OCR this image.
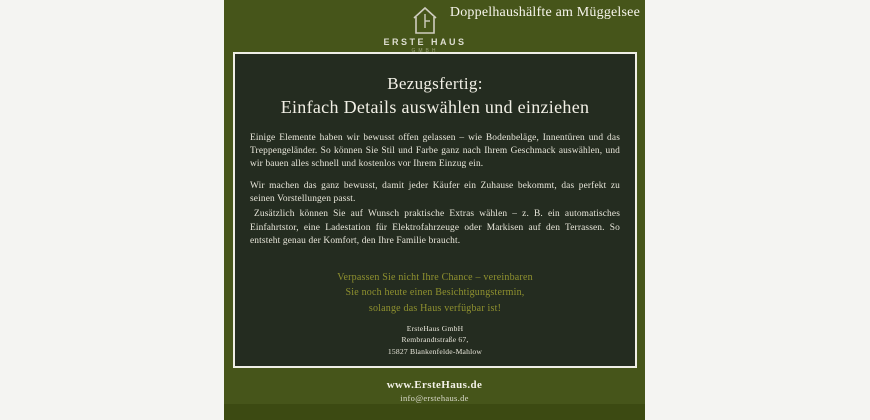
ERSTE HAUS
GMBH
Doppelhaushälfte am Müggelsee
Bezugsfertig:
Einfach Details auswählen und einziehen

Einige Elemente haben wir bewusst offen gelassen – wie Bodenbeläge, Innentüren und das Treppengeländer. So können Sie Stil und Farbe ganz nach Ihrem Geschmack auswählen, und wir bauen alles schnell und kostenlos vor Ihrem Einzug ein.

Wir machen das ganz bewusst, damit jeder Käufer ein Zuhause bekommt, das perfekt zu seinen Vorstellungen passt.

Zusätzlich können Sie auf Wunsch praktische Extras wählen – z. B. ein automatisches Einfahrtstor, eine Ladestation für Elektrofahrzeuge oder Markisen auf den Terrassen. So entsteht genau der Komfort, den Ihre Familie braucht.

Verpassen Sie nicht Ihre Chance – vereinbaren
Sie noch heute einen Besichtigungstermin,
solange das Haus verfügbar ist!
ErsteHaus GmbH
Rembrandtstraße 67,
15827 Blankenfelde-Mahlow
www.ErsteHaus.de
info@erstehaus.de
